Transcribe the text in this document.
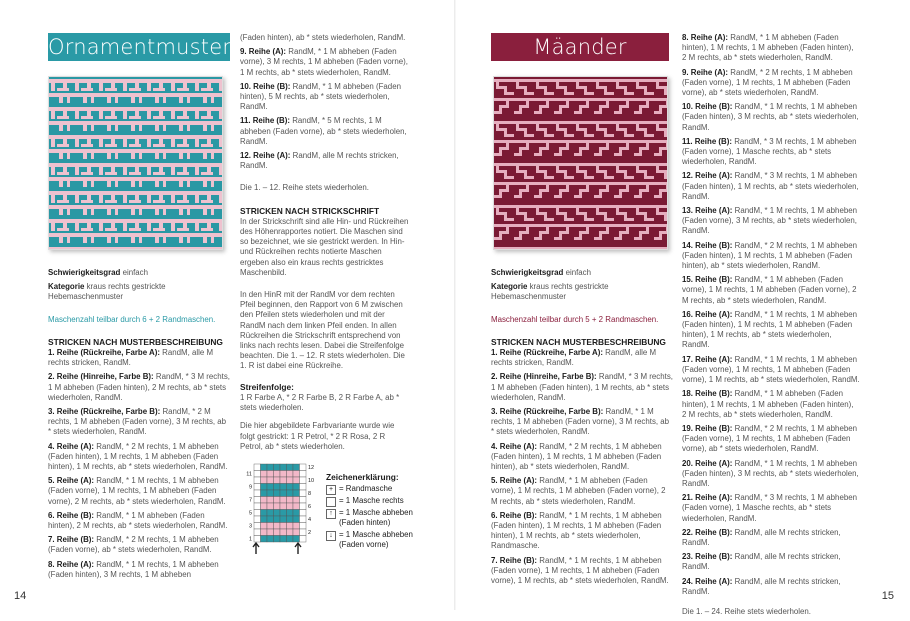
Ornamentmuster

Schwierigkeitsgrad einfach

Kategorie kraus rechts gestrickte Hebemaschenmuster

Maschenzahl teilbar durch 6 + 2 Randmaschen.

STRICKEN NACH MUSTERBESCHREIBUNG

1. Reihe (Rückreihe, Farbe A): RandM, alle M rechts stricken, RandM.

2. Reihe (Hinreihe, Farbe B): RandM, * 3 M rechts, 1 M abheben (Faden hinten), 2 M rechts, ab * stets wiederholen, RandM.

3. Reihe (Rückreihe, Farbe B): RandM, * 2 M rechts, 1 M abheben (Faden vorne), 3 M rechts, ab * stets wiederholen, RandM.

4. Reihe (A): RandM, * 2 M rechts, 1 M abheben (Faden hinten), 1 M rechts, 1 M abheben (Faden hinten), 1 M rechts, ab * stets wiederholen, RandM.

5. Reihe (A): RandM, * 1 M rechts, 1 M abheben (Faden vorne), 1 M rechts, 1 M abheben (Faden vorne), 2 M rechts, ab * stets wiederholen, RandM.

6. Reihe (B): RandM, * 1 M abheben (Faden hinten), 2 M rechts, ab * stets wiederholen, RandM.

7. Reihe (B): RandM, * 2 M rechts, 1 M abheben (Faden vorne), ab * stets wiederholen, RandM.

8. Reihe (A): RandM, * 1 M rechts, 1 M abheben (Faden hinten), 3 M rechts, 1 M abheben

(Faden hinten), ab * stets wiederholen, RandM.

9. Reihe (A): RandM, * 1 M abheben (Faden vorne), 3 M rechts, 1 M abheben (Faden vorne), 1 M rechts, ab * stets wiederholen, RandM.

10. Reihe (B): RandM, * 1 M abheben (Faden hinten), 5 M rechts, ab * stets wiederholen, RandM.

11. Reihe (B): RandM, * 5 M rechts, 1 M abheben (Faden vorne), ab * stets wiederholen, RandM.

12. Reihe (A): RandM, alle M rechts stricken, RandM.

Die 1. – 12. Reihe stets wiederholen.

STRICKEN NACH STRICKSCHRIFT

In der Strickschrift sind alle Hin- und Rückreihen des Höhenrapportes notiert. Die Maschen sind so bezeichnet, wie sie gestrickt werden. In Hin- und Rückreihen rechts notierte Maschen ergeben also ein kraus rechts gestricktes Maschenbild.

In den HinR mit der RandM vor dem rechten Pfeil beginnen, den Rapport von 6 M zwischen den Pfeilen stets wiederholen und mit der RandM nach dem linken Pfeil enden. In allen Rückreihen die Strickschrift entsprechend von links nach rechts lesen. Dabei die Streifenfolge beachten. Die 1. – 12. R stets wiederholen. Die 1. R ist dabei eine Rückreihe.

Streifenfolge:

1 R Farbe A, * 2 R Farbe B, 2 R Farbe A, ab * stets wiederholen.

Die hier abgebildete Farbvariante wurde wie folgt gestrickt: 1 R Petrol, * 2 R Rosa, 2 R Petrol, ab * stets wiederholen.

12
11
10
9
8
7
6
5
4
3
2
1

Zeichenerklärung:

+ = Randmasche
= 1 Masche rechts
↑ = 1 Masche abheben (Faden hinten)
↓ = 1 Masche abheben (Faden vorne)
14
Mäander

Schwierigkeitsgrad einfach

Kategorie kraus rechts gestrickte Hebemaschenmuster

Maschenzahl teilbar durch 5 + 2 Randmaschen.

STRICKEN NACH MUSTERBESCHREIBUNG

1. Reihe (Rückreihe, Farbe A): RandM, alle M rechts stricken, RandM.

2. Reihe (Hinreihe, Farbe B): RandM, * 3 M rechts, 1 M abheben (Faden hinten), 1 M rechts, ab * stets wiederholen, RandM.

3. Reihe (Rückreihe, Farbe B): RandM, * 1 M rechts, 1 M abheben (Faden vorne), 3 M rechts, ab * stets wiederholen, RandM.

4. Reihe (A): RandM, * 2 M rechts, 1 M abheben (Faden hinten), 1 M rechts, 1 M abheben (Faden hinten), ab * stets wiederholen, RandM.

5. Reihe (A): RandM, * 1 M abheben (Faden vorne), 1 M rechts, 1 M abheben (Faden vorne), 2 M rechts, ab * stets wiederholen, RandM.

6. Reihe (B): RandM, * 1 M rechts, 1 M abheben (Faden hinten), 1 M rechts, 1 M abheben (Faden hinten), 1 M rechts, ab * stets wiederholen, Randmasche.

7. Reihe (B): RandM, * 1 M rechts, 1 M abheben (Faden vorne), 1 M rechts, 1 M abheben (Faden vorne), 1 M rechts, ab * stets wiederholen, RandM.

8. Reihe (A): RandM, * 1 M abheben (Faden hinten), 1 M rechts, 1 M abheben (Faden hinten), 2 M rechts, ab * stets wiederholen, RandM.

9. Reihe (A): RandM, * 2 M rechts, 1 M abheben (Faden vorne), 1 M rechts, 1 M abheben (Faden vorne), ab * stets wiederholen, RandM.

10. Reihe (B): RandM, * 1 M rechts, 1 M abheben (Faden hinten), 3 M rechts, ab * stets wiederholen, RandM.

11. Reihe (B): RandM, * 3 M rechts, 1 M abheben (Faden vorne), 1 Masche rechts, ab * stets wiederholen, RandM.

12. Reihe (A): RandM, * 3 M rechts, 1 M abheben (Faden hinten), 1 M rechts, ab * stets wiederholen, RandM.

13. Reihe (A): RandM, * 1 M rechts, 1 M abheben (Faden vorne), 3 M rechts, ab * stets wiederholen, RandM.

14. Reihe (B): RandM, * 2 M rechts, 1 M abheben (Faden hinten), 1 M rechts, 1 M abheben (Faden hinten), ab * stets wiederholen, RandM.

15. Reihe (B): RandM, * 1 M abheben (Faden vorne), 1 M rechts, 1 M abheben (Faden vorne), 2 M rechts, ab * stets wiederholen, RandM.

16. Reihe (A): RandM, * 1 M rechts, 1 M abheben (Faden hinten), 1 M rechts, 1 M abheben (Faden hinten), 1 M rechts, ab * stets wiederholen, RandM.

17. Reihe (A): RandM, * 1 M rechts, 1 M abheben (Faden vorne), 1 M rechts, 1 M abheben (Faden vorne), 1 M rechts, ab * stets wiederholen, RandM.

18. Reihe (B): RandM, * 1 M abheben (Faden hinten), 1 M rechts, 1 M abheben (Faden hinten), 2 M rechts, ab * stets wiederholen, RandM.

19. Reihe (B): RandM, * 2 M rechts, 1 M abheben (Faden vorne), 1 M rechts, 1 M abheben (Faden vorne), ab * stets wiederholen, RandM.

20. Reihe (A): RandM, * 1 M rechts, 1 M abheben (Faden hinten), 3 M rechts, ab * stets wiederholen, RandM.

21. Reihe (A): RandM, * 3 M rechts, 1 M abheben (Faden vorne), 1 Masche rechts, ab * stets wiederholen, RandM.

22. Reihe (B): RandM, alle M rechts stricken, RandM.

23. Reihe (B): RandM, alle M rechts stricken, RandM.

24. Reihe (A): RandM, alle M rechts stricken, RandM.

Die 1. – 24. Reihe stets wiederholen.

15
